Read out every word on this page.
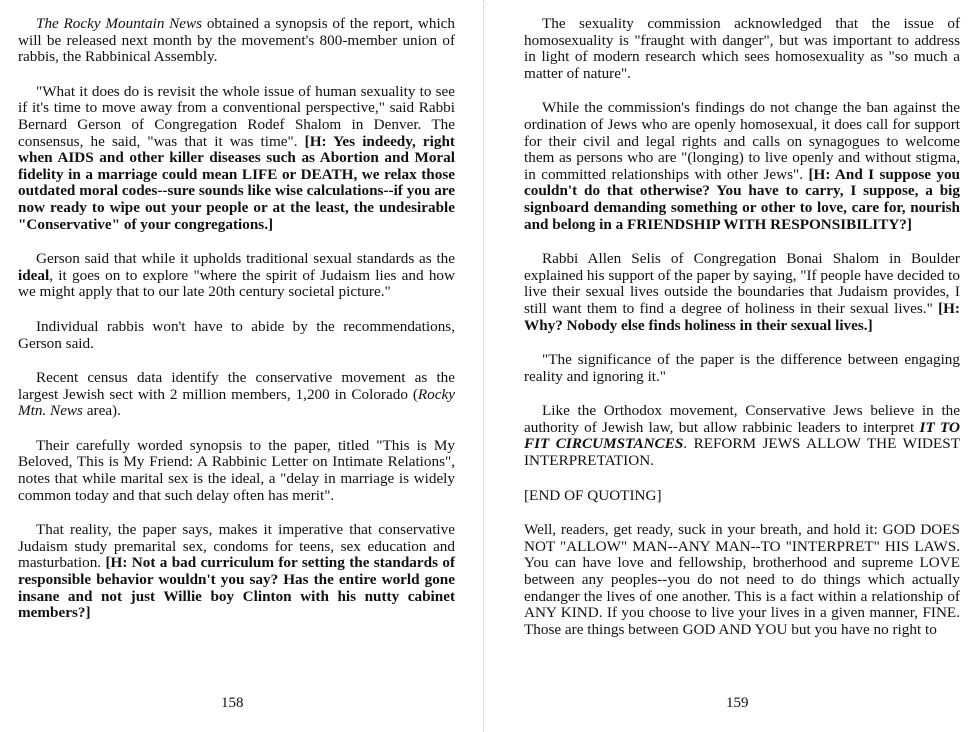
The Rocky Mountain News obtained a synopsis of the report, which will be released next month by the movement's 800-member union of rabbis, the Rabbinical Assembly.

"What it does do is revisit the whole issue of human sexuality to see if it's time to move away from a conventional perspective," said Rabbi Bernard Gerson of Congregation Rodef Shalom in Denver. The consensus, he said, "was that it was time". [H: Yes indeedy, right when AIDS and other killer diseases such as Abortion and Moral fidelity in a marriage could mean LIFE or DEATH, we relax those outdated moral codes--sure sounds like wise calculations--if you are now ready to wipe out your people or at the least, the undesirable "Conservative" of your congregations.]

Gerson said that while it upholds traditional sexual standards as the ideal, it goes on to explore "where the spirit of Judaism lies and how we might apply that to our late 20th century societal picture."

Individual rabbis won't have to abide by the recommendations, Gerson said.

Recent census data identify the conservative movement as the largest Jewish sect with 2 million members, 1,200 in Colorado (Rocky Mtn. News area).

Their carefully worded synopsis to the paper, titled "This is My Beloved, This is My Friend: A Rabbinic Letter on Intimate Relations", notes that while marital sex is the ideal, a "delay in marriage is widely common today and that such delay often has merit".

That reality, the paper says, makes it imperative that conservative Judaism study premarital sex, condoms for teens, sex education and masturbation. [H: Not a bad curriculum for setting the standards of responsible behavior wouldn't you say? Has the entire world gone insane and not just Willie boy Clinton with his nutty cabinet members?]

158

The sexuality commission acknowledged that the issue of homosexuality is "fraught with danger", but was important to address in light of modern research which sees homosexuality as "so much a matter of nature".

While the commission's findings do not change the ban against the ordination of Jews who are openly homosexual, it does call for support for their civil and legal rights and calls on synagogues to welcome them as persons who are "(longing) to live openly and without stigma, in committed relationships with other Jews". [H: And I suppose you couldn't do that otherwise? You have to carry, I suppose, a big signboard demanding something or other to love, care for, nourish and belong in a FRIENDSHIP WITH RESPONSIBILITY?]

Rabbi Allen Selis of Congregation Bonai Shalom in Boulder explained his support of the paper by saying, "If people have decided to live their sexual lives outside the boundaries that Judaism provides, I still want them to find a degree of holiness in their sexual lives." [H: Why? Nobody else finds holiness in their sexual lives.]

"The significance of the paper is the difference between engaging reality and ignoring it."

Like the Orthodox movement, Conservative Jews believe in the authority of Jewish law, but allow rabbinic leaders to interpret IT TO FIT CIRCUMSTANCES. REFORM JEWS ALLOW THE WIDEST INTERPRETATION.

[END OF QUOTING]

Well, readers, get ready, suck in your breath, and hold it: GOD DOES NOT "ALLOW" MAN--ANY MAN--TO "INTERPRET" HIS LAWS. You can have love and fellowship, brotherhood and supreme LOVE between any peoples--you do not need to do things which actually endanger the lives of one another. This is a fact within a relationship of ANY KIND. If you choose to live your lives in a given manner, FINE. Those are things between GOD AND YOU but you have no right to

159
